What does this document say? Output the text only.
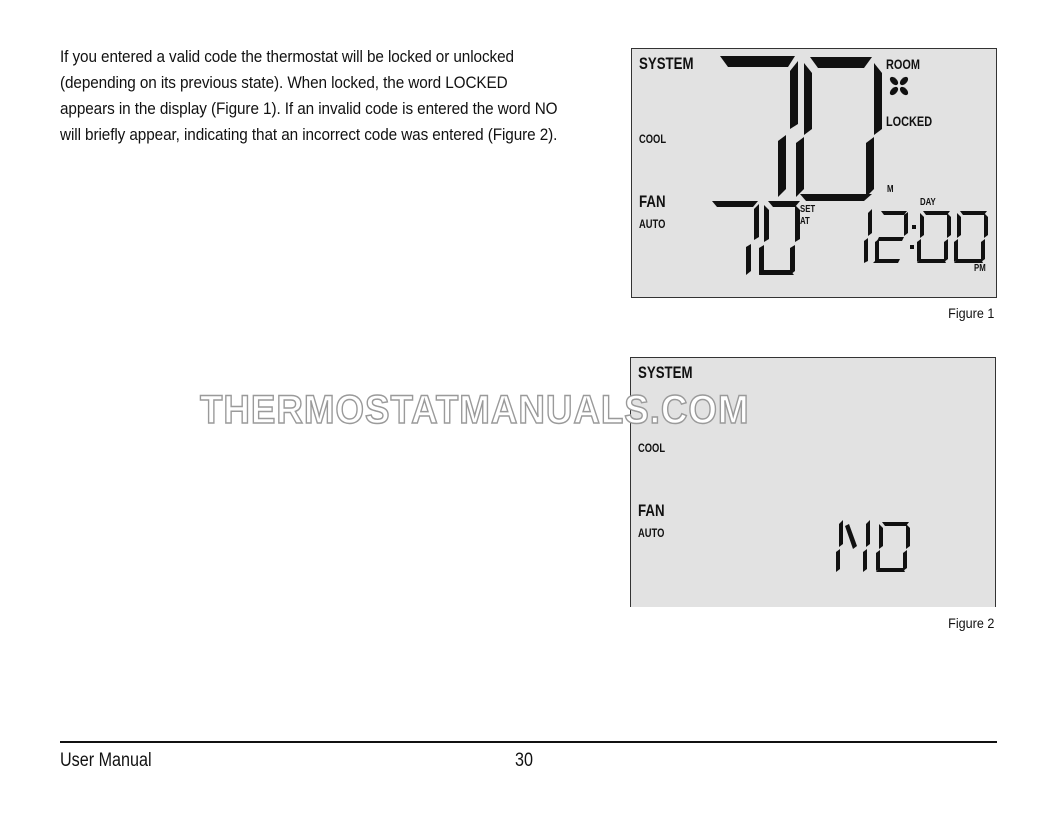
If you entered a valid code the thermostat will be locked or unlocked (depending on its previous state). When locked, the word LOCKED appears in the display (Figure 1). If an invalid code is entered the word NO will briefly appear, indicating that an incorrect code was entered (Figure 2).
SYSTEM
COOL
FAN
AUTO
ROOM
LOCKED
M
DAY
SET
AT
PM
Figure 1
SYSTEM
COOL
FAN
AUTO
Figure 2
THERMOSTATMANUALS.COM
User Manual	30
